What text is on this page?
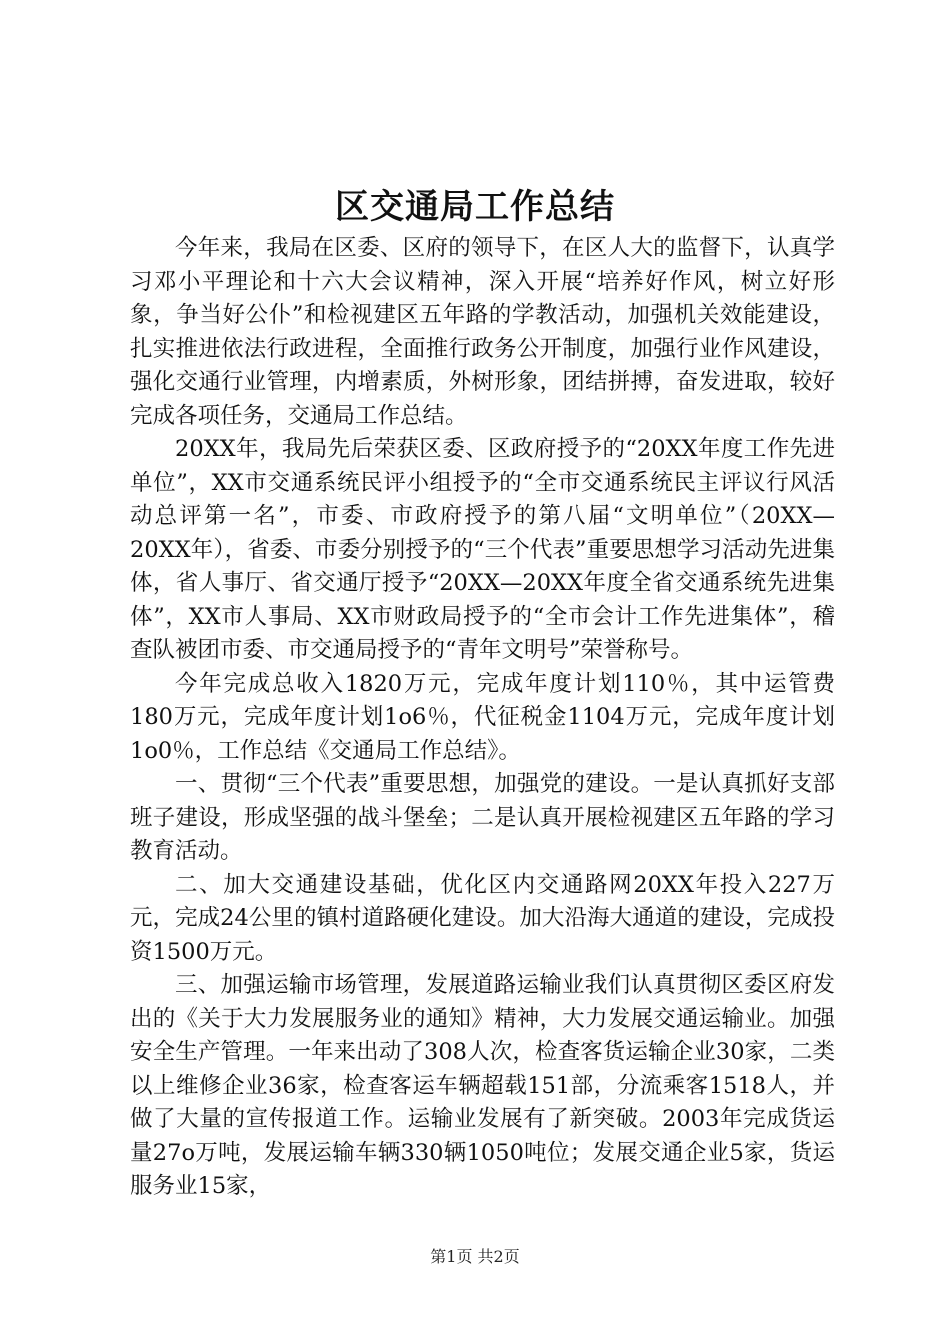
区交通局工作总结

今年来，我局在区委、区府的领导下，在区人大的监督下，认真学习邓小平理论和十六大会议精神，深入开展“培养好作风，树立好形象，争当好公仆”和检视建区五年路的学教活动，加强机关效能建设，扎实推进依法行政进程，全面推行政务公开制度，加强行业作风建设，强化交通行业管理，内增素质，外树形象，团结拼搏，奋发进取，较好完成各项任务，交通局工作总结。

20XX年，我局先后荣获区委、区政府授予的“20XX年度工作先进单位”，XX市交通系统民评小组授予的“全市交通系统民主评议行风活动总评第一名”，市委、市政府授予的第八届“文明单位”（20XX—20XX年），省委、市委分别授予的“三个代表”重要思想学习活动先进集体，省人事厅、省交通厅授予“20XX—20XX年度全省交通系统先进集体”，XX市人事局、XX市财政局授予的“全市会计工作先进集体”，稽查队被团市委、市交通局授予的“青年文明号”荣誉称号。

今年完成总收入1820万元，完成年度计划110％，其中运管费180万元，完成年度计划1o6％，代征税金1104万元，完成年度计划1o0％，工作总结《交通局工作总结》。

一、贯彻“三个代表”重要思想，加强党的建设。一是认真抓好支部班子建设，形成坚强的战斗堡垒；二是认真开展检视建区五年路的学习教育活动。

二、加大交通建设基础，优化区内交通路网20XX年投入227万元，完成24公里的镇村道路硬化建设。加大沿海大通道的建设，完成投资1500万元。

三、加强运输市场管理，发展道路运输业我们认真贯彻区委区府发出的《关于大力发展服务业的通知》精神，大力发展交通运输业。加强安全生产管理。一年来出动了308人次，检查客货运输企业30家，二类以上维修企业36家，检查客运车辆超载151部，分流乘客1518人，并做了大量的宣传报道工作。运输业发展有了新突破。2003年完成货运量27o万吨，发展运输车辆330辆1050吨位；发展交通企业5家，货运服务业15家，

第1页 共2页
